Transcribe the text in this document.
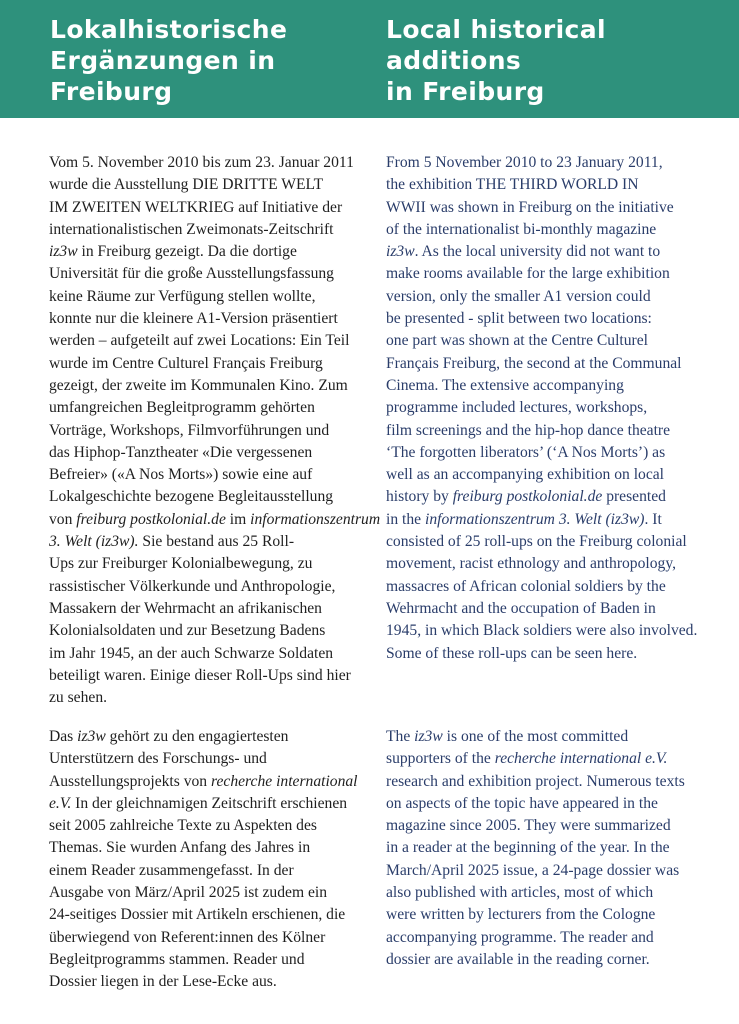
Lokalhistorische
Ergänzungen in
Freiburg
Local historical
additions
in Freiburg

Vom 5. November 2010 bis zum 23. Januar 2011
wurde die Ausstellung DIE DRITTE WELT
IM ZWEITEN WELTKRIEG auf Initiative der
internationalistischen Zweimonats-Zeitschrift
iz3w in Freiburg gezeigt. Da die dortige
Universität für die große Ausstellungsfassung
keine Räume zur Verfügung stellen wollte,
konnte nur die kleinere A1-Version präsentiert
werden – aufgeteilt auf zwei Locations: Ein Teil
wurde im Centre Culturel Français Freiburg
gezeigt, der zweite im Kommunalen Kino. Zum
umfangreichen Begleitprogramm gehörten
Vorträge, Workshops, Filmvorführungen und
das Hiphop-Tanztheater «Die vergessenen
Befreier» («A Nos Morts») sowie eine auf
Lokalgeschichte bezogene Begleitausstellung
von freiburg postkolonial.de im informationszentrum
3. Welt (iz3w). Sie bestand aus 25 Roll-
Ups zur Freiburger Kolonialbewegung, zu
rassistischer Völkerkunde und Anthropologie,
Massakern der Wehrmacht an afrikanischen
Kolonialsoldaten und zur Besetzung Badens
im Jahr 1945, an der auch Schwarze Soldaten
beteiligt waren. Einige dieser Roll-Ups sind hier
zu sehen.

Das iz3w gehört zu den engagiertesten
Unterstützern des Forschungs- und
Ausstellungsprojekts von recherche international
e.V. In der gleichnamigen Zeitschrift erschienen
seit 2005 zahlreiche Texte zu Aspekten des
Themas. Sie wurden Anfang des Jahres in
einem Reader zusammengefasst. In der
Ausgabe von März/April 2025 ist zudem ein
24-seitiges Dossier mit Artikeln erschienen, die
überwiegend von Referent:innen des Kölner
Begleitprogramms stammen. Reader und
Dossier liegen in der Lese-Ecke aus.

From 5 November 2010 to 23 January 2011,
the exhibition THE THIRD WORLD IN
WWII was shown in Freiburg on the initiative
of the internationalist bi-monthly magazine
iz3w. As the local university did not want to
make rooms available for the large exhibition
version, only the smaller A1 version could
be presented - split between two locations:
one part was shown at the Centre Culturel
Français Freiburg, the second at the Communal
Cinema. The extensive accompanying
programme included lectures, workshops,
film screenings and the hip-hop dance theatre
‘The forgotten liberators’ (‘A Nos Morts’) as
well as an accompanying exhibition on local
history by freiburg postkolonial.de presented
in the informationszentrum 3. Welt (iz3w). It
consisted of 25 roll-ups on the Freiburg colonial
movement, racist ethnology and anthropology,
massacres of African colonial soldiers by the
Wehrmacht and the occupation of Baden in
1945, in which Black soldiers were also involved.
Some of these roll-ups can be seen here.

The iz3w is one of the most committed
supporters of the recherche international e.V.
research and exhibition project. Numerous texts
on aspects of the topic have appeared in the
magazine since 2005. They were summarized
in a reader at the beginning of the year. In the
March/April 2025 issue, a 24-page dossier was
also published with articles, most of which
were written by lecturers from the Cologne
accompanying programme. The reader and
dossier are available in the reading corner.
